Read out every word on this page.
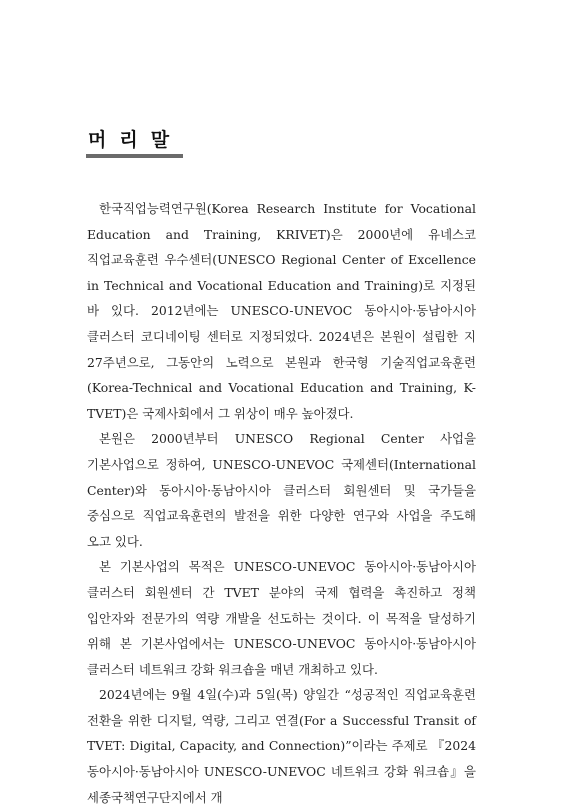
머리말

한국직업능력연구원(Korea Research Institute for Vocational Education and Training, KRIVET)은 2000년에 유네스코 직업교육훈련 우수센터(UNESCO Regional Center of Excellence in Technical and Vocational Education and Training)로 지정된 바 있다. 2012년에는 UNESCO-UNEVOC 동아시아·동남아시아 클러스터 코디네이팅 센터로 지정되었다. 2024년은 본원이 설립한 지 27주년으로, 그동안의 노력으로 본원과 한국형 기술직업교육훈련(Korea-Technical and Vocational Education and Training, K-TVET)은 국제사회에서 그 위상이 매우 높아졌다.

본원은 2000년부터 UNESCO Regional Center 사업을 기본사업으로 정하여, UNESCO-UNEVOC 국제센터(International Center)와 동아시아·동남아시아 클러스터 회원센터 및 국가들을 중심으로 직업교육훈련의 발전을 위한 다양한 연구와 사업을 주도해 오고 있다.

본 기본사업의 목적은 UNESCO-UNEVOC 동아시아·동남아시아 클러스터 회원센터 간 TVET 분야의 국제 협력을 촉진하고 정책 입안자와 전문가의 역량 개발을 선도하는 것이다. 이 목적을 달성하기 위해 본 기본사업에서는 UNESCO-UNEVOC 동아시아·동남아시아 클러스터 네트워크 강화 워크숍을 매년 개최하고 있다.

2024년에는 9월 4일(수)과 5일(목) 양일간 “성공적인 직업교육훈련 전환을 위한 디지털, 역량, 그리고 연결(For a Successful Transit of TVET: Digital, Capacity, and Connection)”이라는 주제로 『2024 동아시아·동남아시아 UNESCO-UNEVOC 네트워크 강화 워크숍』을 세종국책연구단지에서 개
